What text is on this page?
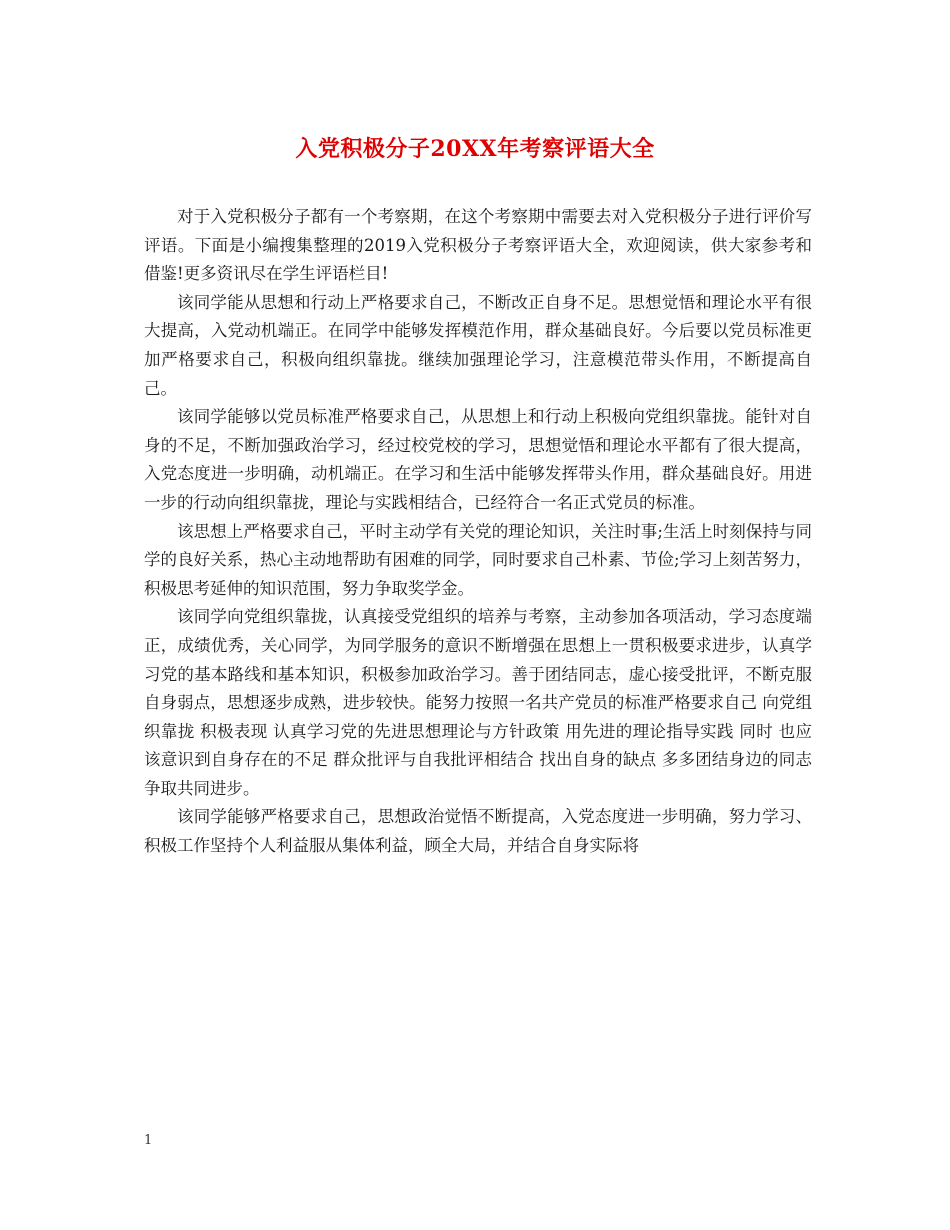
入党积极分子20XX年考察评语大全

对于入党积极分子都有一个考察期，在这个考察期中需要去对入党积极分子进行评价写评语。下面是小编搜集整理的2019入党积极分子考察评语大全，欢迎阅读，供大家参考和借鉴!更多资讯尽在学生评语栏目!

该同学能从思想和行动上严格要求自己，不断改正自身不足。思想觉悟和理论水平有很大提高，入党动机端正。在同学中能够发挥模范作用，群众基础良好。今后要以党员标准更加严格要求自己，积极向组织靠拢。继续加强理论学习，注意模范带头作用，不断提高自己。

该同学能够以党员标准严格要求自己，从思想上和行动上积极向党组织靠拢。能针对自身的不足，不断加强政治学习，经过校党校的学习，思想觉悟和理论水平都有了很大提高，入党态度进一步明确，动机端正。在学习和生活中能够发挥带头作用，群众基础良好。用进一步的行动向组织靠拢，理论与实践相结合，已经符合一名正式党员的标准。

该思想上严格要求自己，平时主动学有关党的理论知识，关注时事;生活上时刻保持与同学的良好关系，热心主动地帮助有困难的同学，同时要求自己朴素、节俭;学习上刻苦努力，积极思考延伸的知识范围，努力争取奖学金。

该同学向党组织靠拢，认真接受党组织的培养与考察，主动参加各项活动，学习态度端正，成绩优秀，关心同学，为同学服务的意识不断增强在思想上一贯积极要求进步，认真学习党的基本路线和基本知识，积极参加政治学习。善于团结同志，虚心接受批评，不断克服自身弱点，思想逐步成熟，进步较快。能努力按照一名共产党员的标准严格要求自己 向党组织靠拢 积极表现 认真学习党的先进思想理论与方针政策 用先进的理论指导实践 同时 也应该意识到自身存在的不足 群众批评与自我批评相结合 找出自身的缺点 多多团结身边的同志 争取共同进步。

该同学能够严格要求自己，思想政治觉悟不断提高，入党态度进一步明确，努力学习、积极工作坚持个人利益服从集体利益，顾全大局，并结合自身实际将

1
